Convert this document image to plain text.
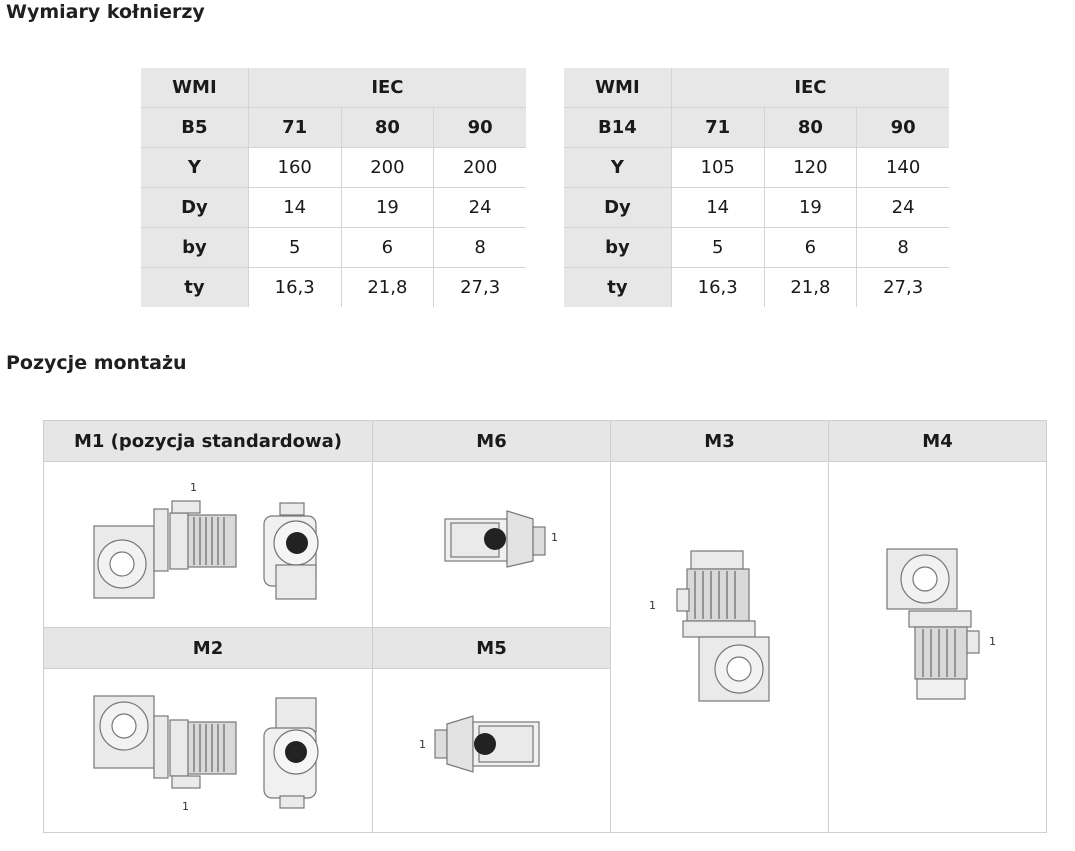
Wymiary kołnierzy
WMI	IEC		
B5	71	80	90
Y	160	200	200
Dy	14	19	24
by	5	6	8
ty	16,3	21,8	27,3
WMI	IEC		
B14	71	80	90
Y	105	120	140
Dy	14	19	24
by	5	6	8
ty	16,3	21,8	27,3
Pozycje montażu
M1 (pozycja standardowa)
1
M6
1
M3
1
M4
1
M2
1
M5
1
